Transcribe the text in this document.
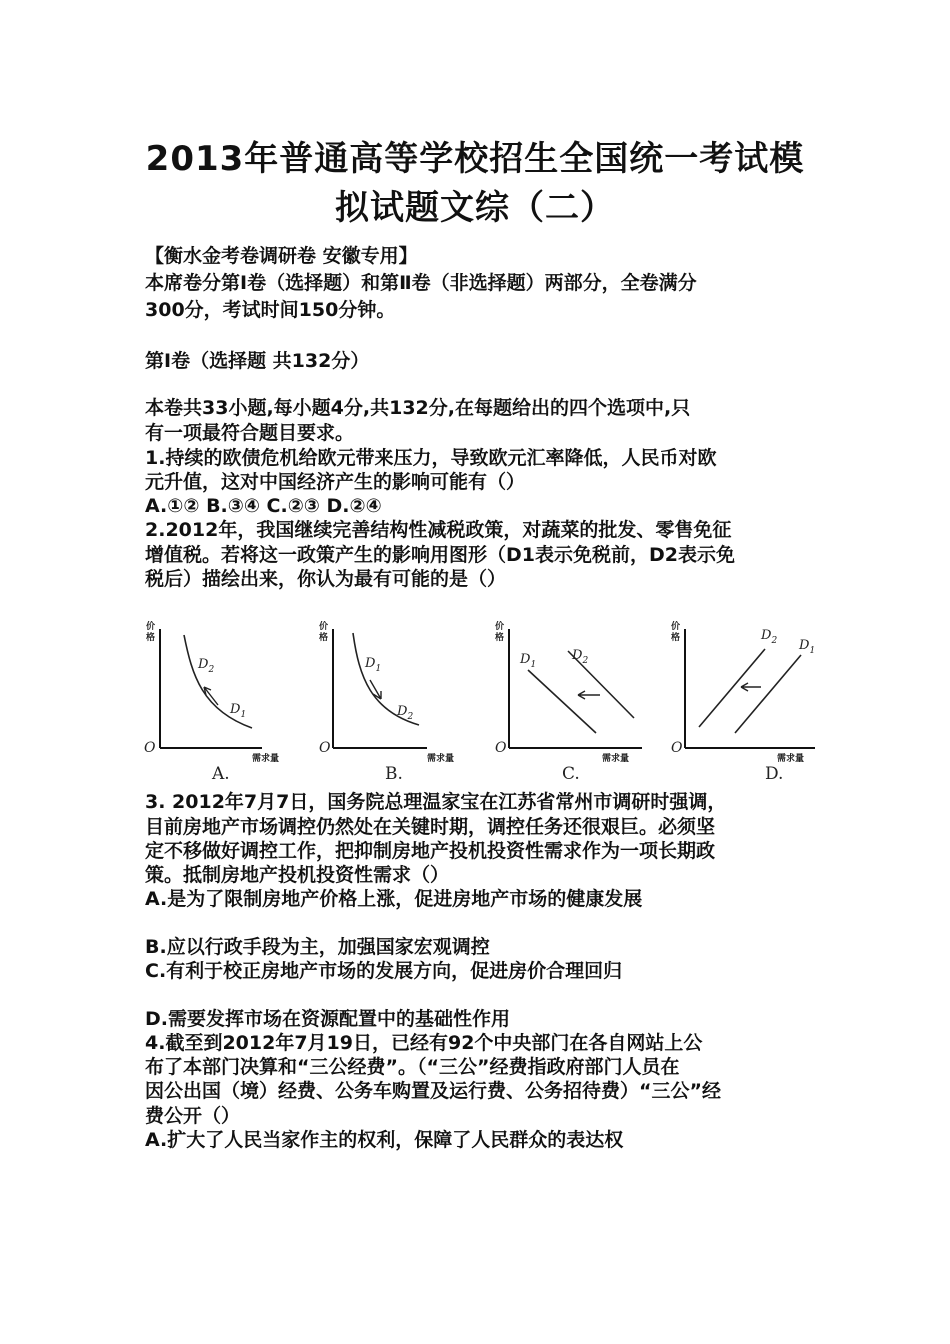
2013年普通高等学校招生全国统一考试模
拟试题文综（二）
【衡水金考卷调研卷 安徽专用】
本席卷分第Ⅰ卷（选择题）和第Ⅱ卷（非选择题）两部分，全卷满分
300分，考试时间150分钟。
第Ⅰ卷（选择题 共132分）
本卷共33小题,每小题4分,共132分,在每题给出的四个选项中,只
有一项最符合题目要求。
1.持续的欧债危机给欧元带来压力，导致欧元汇率降低，人民币对欧
元升值，这对中国经济产生的影响可能有（）
A.①② B.③④ C.②③ D.②④
2.2012年，我国继续完善结构性减税政策，对蔬菜的批发、零售免征
增值税。若将这一政策产生的影响用图形（D1表示免税前，D2表示免
税后）描绘出来，你认为最有可能的是（）
价格
O
需求量
$D_2$
$D_1$
A.
价格
O
需求量
$D_1$
$D_2$
B.
价格
O
需求量
$D_1$
$D_2$
C.
价格
O
需求量
$D_2$ $D_1$
D.
3. 2012年7月7日，国务院总理温家宝在江苏省常州市调研时强调，
目前房地产市场调控仍然处在关键时期，调控任务还很艰巨。必须坚
定不移做好调控工作，把抑制房地产投机投资性需求作为一项长期政
策。抵制房地产投机投资性需求（）
A.是为了限制房地产价格上涨，促进房地产市场的健康发展
B.应以行政手段为主，加强国家宏观调控
C.有利于校正房地产市场的发展方向，促进房价合理回归
D.需要发挥市场在资源配置中的基础性作用
4.截至到2012年7月19日，已经有92个中央部门在各自网站上公
布了本部门决算和“三公经费”。（“三公”经费指政府部门人员在
因公出国（境）经费、公务车购置及运行费、公务招待费）“三公”经
费公开（）
A.扩大了人民当家作主的权利，保障了人民群众的表达权
